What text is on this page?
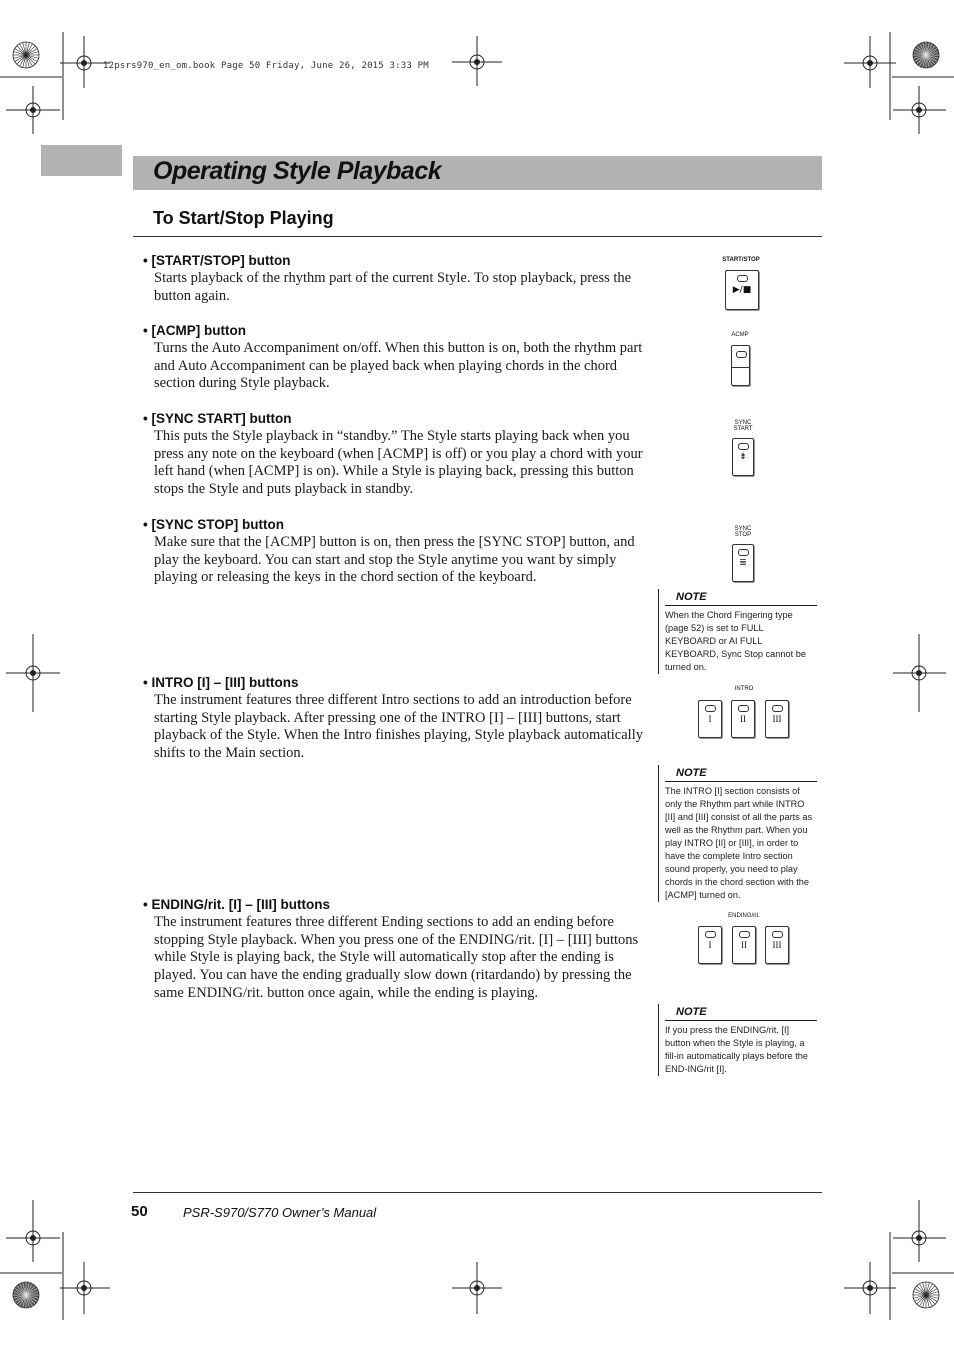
12psrs970_en_om.book Page 50 Friday, June 26, 2015 3:33 PM
Operating Style Playback
To Start/Stop Playing
• [START/STOP] button
Starts playback of the rhythm part of the current Style. To stop playback, press the button again.
• [ACMP] button
Turns the Auto Accompaniment on/off. When this button is on, both the rhythm part and Auto Accompaniment can be played back when playing chords in the chord section during Style playback.
• [SYNC START] button
This puts the Style playback in “standby.” The Style starts playing back when you press any note on the keyboard (when [ACMP] is off) or you play a chord with your left hand (when [ACMP] is on). While a Style is playing back, pressing this button stops the Style and puts playback in standby.
• [SYNC STOP] button
Make sure that the [ACMP] button is on, then press the [SYNC STOP] button, and play the keyboard. You can start and stop the Style anytime you want by simply playing or releasing the keys in the chord section of the keyboard.
• INTRO [I] – [III] buttons
The instrument features three different Intro sections to add an introduction before starting Style playback. After pressing one of the INTRO [I] – [III] buttons, start playback of the Style. When the Intro finishes playing, Style playback automatically shifts to the Main section.
• ENDING/rit. [I] – [III] buttons
The instrument features three different Ending sections to add an ending before stopping Style playback. When you press one of the ENDING/rit. [I] – [III] buttons while Style is playing back, the Style will automatically stop after the ending is played. You can have the ending gradually slow down (ritardando) by pressing the same ENDING/rit. button once again, while the ending is playing.
START/STOP
▶/■
ACMP
SYNC
START
⇟
SYNC
STOP
≣
INTRO
I	II	III
ENDING/rit.
I	II	III
NOTE
When the Chord Fingering type (page 52) is set to FULL KEYBOARD or AI FULL KEYBOARD, Sync Stop cannot be turned on.
NOTE
The INTRO [I] section consists of only the Rhythm part while INTRO [II] and [III] consist of all the parts as well as the Rhythm part. When you play INTRO [II] or [III], in order to have the complete Intro section sound properly, you need to play chords in the chord section with the [ACMP] turned on.
NOTE
If you press the ENDING/rit. [I] button when the Style is playing, a fill-in automatically plays before the END-ING/rit [I].
50	PSR-S970/S770 Owner’s Manual
